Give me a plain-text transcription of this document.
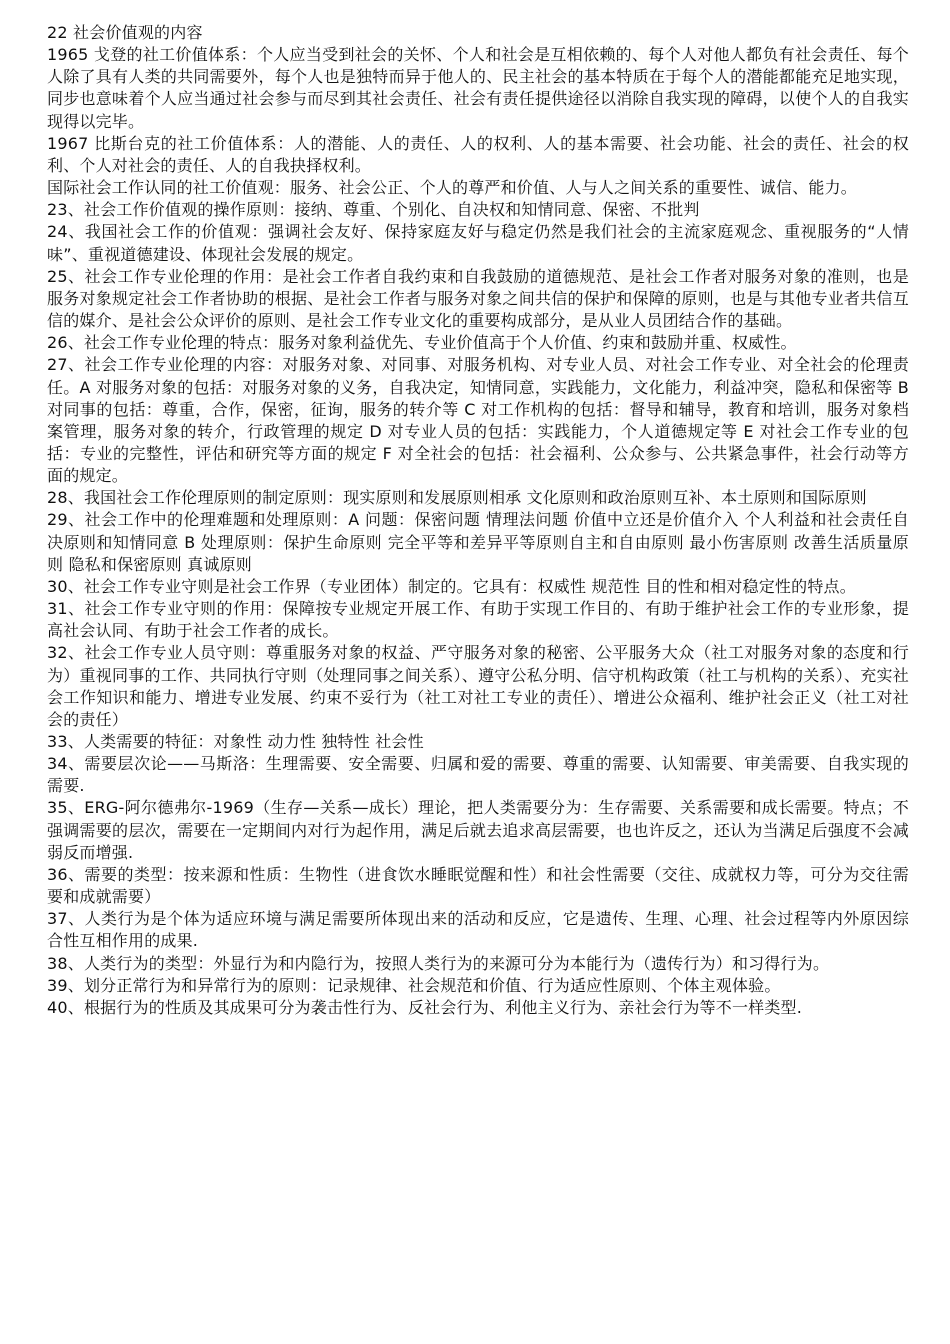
22 社会价值观的内容

1965 戈登的社工价值体系：个人应当受到社会的关怀、个人和社会是互相依赖的、每个人对他人都负有社会责任、每个人除了具有人类的共同需要外，每个人也是独特而异于他人的、民主社会的基本特质在于每个人的潜能都能充足地实现，同步也意味着个人应当通过社会参与而尽到其社会责任、社会有责任提供途径以消除自我实现的障碍，以使个人的自我实现得以完毕。

1967 比斯台克的社工价值体系：人的潜能、人的责任、人的权利、人的基本需要、社会功能、社会的责任、社会的权利、个人对社会的责任、人的自我抉择权利。

国际社会工作认同的社工价值观：服务、社会公正、个人的尊严和价值、人与人之间关系的重要性、诚信、能力。

23、社会工作价值观的操作原则：接纳、尊重、个别化、自决权和知情同意、保密、不批判

24、我国社会工作的价值观：强调社会友好、保持家庭友好与稳定仍然是我们社会的主流家庭观念、重视服务的“人情味”、重视道德建设、体现社会发展的规定。

25、社会工作专业伦理的作用：是社会工作者自我约束和自我鼓励的道德规范、是社会工作者对服务对象的准则，也是服务对象规定社会工作者协助的根据、是社会工作者与服务对象之间共信的保护和保障的原则，也是与其他专业者共信互信的媒介、是社会公众评价的原则、是社会工作专业文化的重要构成部分，是从业人员团结合作的基础。

26、社会工作专业伦理的特点：服务对象利益优先、专业价值高于个人价值、约束和鼓励并重、权威性。

27、社会工作专业伦理的内容：对服务对象、对同事、对服务机构、对专业人员、对社会工作专业、对全社会的伦理责任。A 对服务对象的包括：对服务对象的义务，自我决定，知情同意，实践能力，文化能力，利益冲突，隐私和保密等 B 对同事的包括：尊重，合作，保密，征询，服务的转介等 C 对工作机构的包括：督导和辅导，教育和培训，服务对象档案管理，服务对象的转介，行政管理的规定 D 对专业人员的包括：实践能力，个人道德规定等 E 对社会工作专业的包括：专业的完整性，评估和研究等方面的规定 F 对全社会的包括：社会福利、公众参与、公共紧急事件，社会行动等方面的规定。

28、我国社会工作伦理原则的制定原则：现实原则和发展原则相承 文化原则和政治原则互补、本土原则和国际原则

29、社会工作中的伦理难题和处理原则：A 问题：保密问题 情理法问题 价值中立还是价值介入 个人利益和社会责任自决原则和知情同意 B 处理原则：保护生命原则 完全平等和差异平等原则自主和自由原则 最小伤害原则 改善生活质量原则 隐私和保密原则 真诚原则

30、社会工作专业守则是社会工作界（专业团体）制定的。它具有：权威性 规范性 目的性和相对稳定性的特点。

31、社会工作专业守则的作用：保障按专业规定开展工作、有助于实现工作目的、有助于维护社会工作的专业形象，提高社会认同、有助于社会工作者的成长。

32、社会工作专业人员守则：尊重服务对象的权益、严守服务对象的秘密、公平服务大众（社工对服务对象的态度和行为）重视同事的工作、共同执行守则（处理同事之间关系）、遵守公私分明、信守机构政策（社工与机构的关系）、充实社会工作知识和能力、增进专业发展、约束不妥行为（社工对社工专业的责任）、增进公众福利、维护社会正义（社工对社会的责任）

33、人类需要的特征：对象性 动力性 独特性 社会性

34、需要层次论——马斯洛：生理需要、安全需要、归属和爱的需要、尊重的需要、认知需要、审美需要、自我实现的需要.

35、ERG-阿尔德弗尔-1969（生存—关系—成长）理论，把人类需要分为：生存需要、关系需要和成长需要。特点；不强调需要的层次，需要在一定期间内对行为起作用，满足后就去追求高层需要，也也许反之，还认为当满足后强度不会减弱反而增强.

36、需要的类型：按来源和性质：生物性（进食饮水睡眠觉醒和性）和社会性需要（交往、成就权力等，可分为交往需要和成就需要）

37、人类行为是个体为适应环境与满足需要所体现出来的活动和反应，它是遗传、生理、心理、社会过程等内外原因综合性互相作用的成果.

38、人类行为的类型：外显行为和内隐行为，按照人类行为的来源可分为本能行为（遗传行为）和习得行为。

39、划分正常行为和异常行为的原则：记录规律、社会规范和价值、行为适应性原则、个体主观体验。

40、根据行为的性质及其成果可分为袭击性行为、反社会行为、利他主义行为、亲社会行为等不一样类型.
